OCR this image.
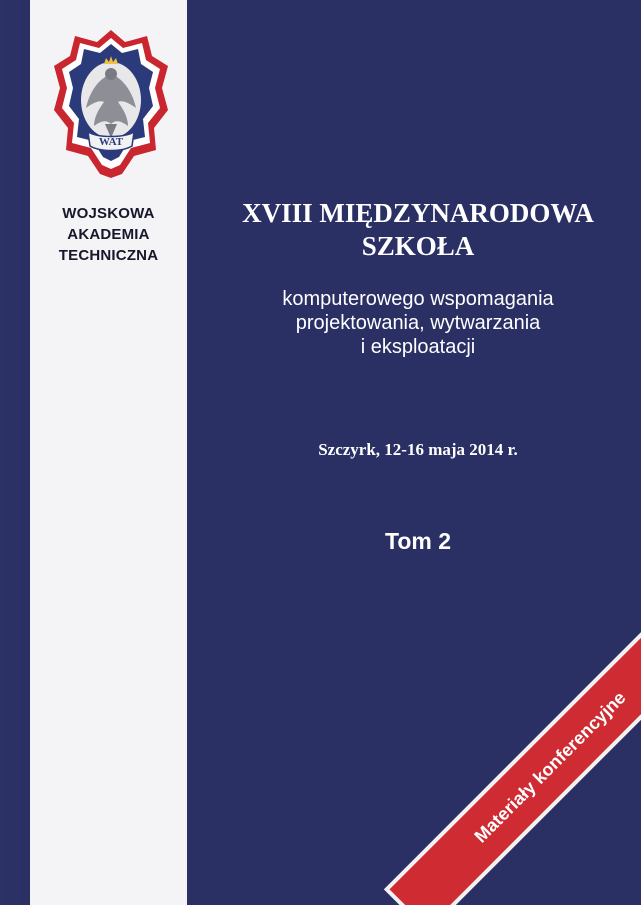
WAT
WOJSKOWA
AKADEMIA
TECHNICZNA
XVIII MIĘDZYNARODOWA
SZKOŁA
komputerowego wspomagania
projektowania, wytwarzania
i eksploatacji
Szczyrk, 12-16 maja 2014 r.
Tom 2
Materiały konferencyjne
